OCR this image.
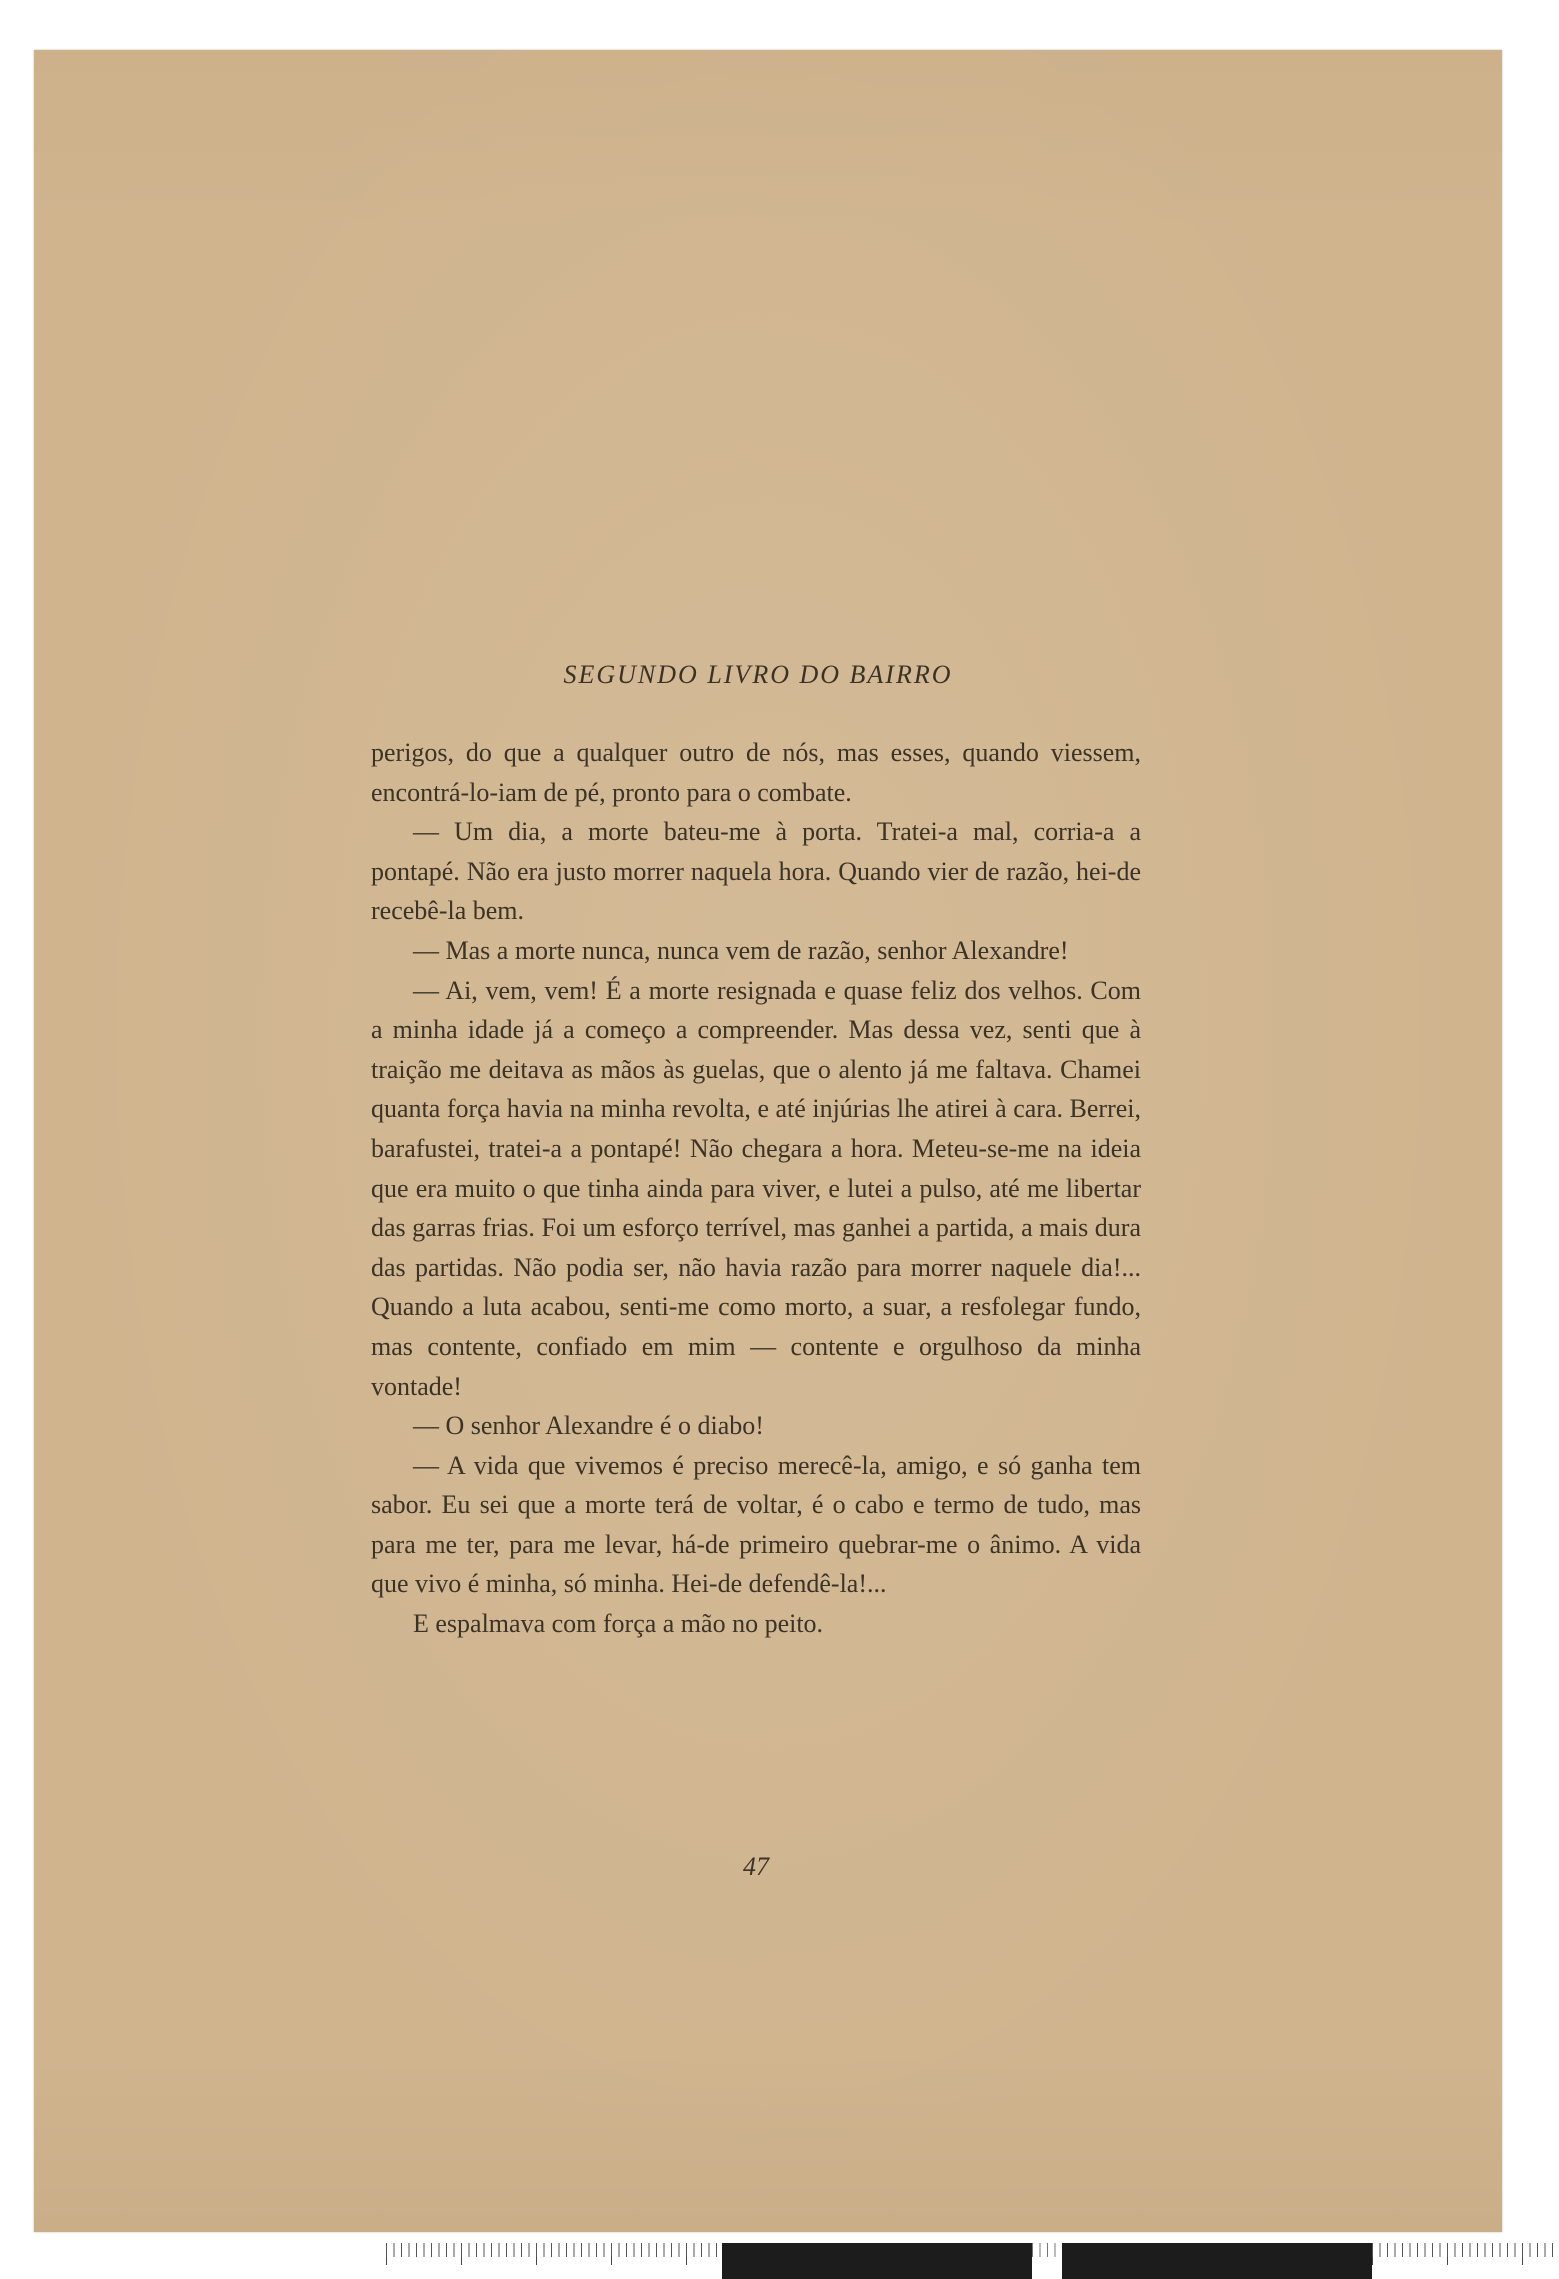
SEGUNDO LIVRO DO BAIRRO

perigos, do que a qualquer outro de nós, mas esses, quando viessem, encontrá-lo-iam de pé, pronto para o combate.

— Um dia, a morte bateu-me à porta. Tratei-a mal, corria-a a pontapé. Não era justo morrer naquela hora. Quando vier de razão, hei-de recebê-la bem.

— Mas a morte nunca, nunca vem de razão, senhor Alexandre!

— Ai, vem, vem! É a morte resignada e quase feliz dos velhos. Com a minha idade já a começo a compreender. Mas dessa vez, senti que à traição me deitava as mãos às guelas, que o alento já me faltava. Chamei quanta força havia na minha revolta, e até injúrias lhe atirei à cara. Berrei, barafustei, tratei-a a pontapé! Não chegara a hora. Meteu-se-me na ideia que era muito o que tinha ainda para viver, e lutei a pulso, até me libertar das garras frias. Foi um esforço terrível, mas ganhei a partida, a mais dura das partidas. Não podia ser, não havia razão para morrer naquele dia!... Quando a luta acabou, senti-me como morto, a suar, a resfolegar fundo, mas contente, confiado em mim — contente e orgulhoso da minha vontade!

— O senhor Alexandre é o diabo!

— A vida que vivemos é preciso merecê-la, amigo, e só ganha tem sabor. Eu sei que a morte terá de voltar, é o cabo e termo de tudo, mas para me ter, para me levar, há-de primeiro quebrar-me o ânimo. A vida que vivo é minha, só minha. Hei-de defendê-la!...

E espalmava com força a mão no peito.

47
